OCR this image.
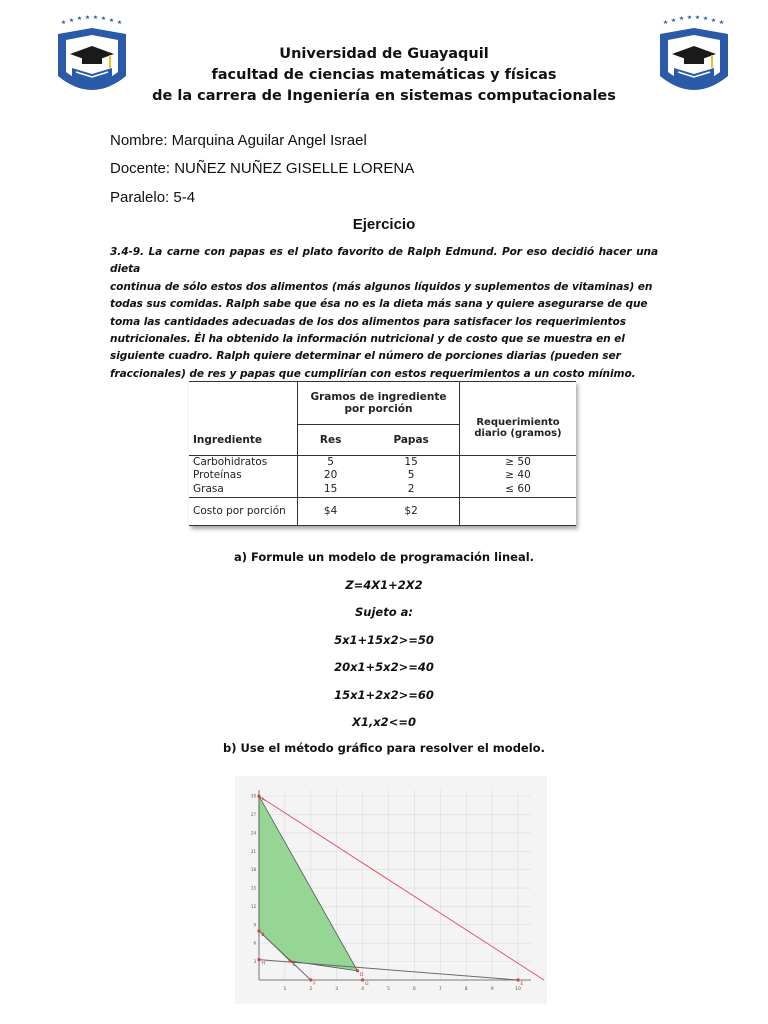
Universidad de Guayaquil
facultad de ciencias matemáticas y físicas
de la carrera de Ingeniería en sistemas computacionales
Nombre: Marquina Aguilar Angel Israel
Docente: NUÑEZ NUÑEZ GISELLE LORENA
Paralelo: 5-4
Ejercicio
3.4-9. La carne con papas es el plato favorito de Ralph Edmund. Por eso decidió hacer una dieta
continua de sólo estos dos alimentos (más algunos líquidos y suplementos de vitaminas) en
todas sus comidas. Ralph sabe que ésa no es la dieta más sana y quiere asegurarse de que
toma las cantidades adecuadas de los dos alimentos para satisfacer los requerimientos
nutricionales. Él ha obtenido la información nutricional y de costo que se muestra en el
siguiente cuadro. Ralph quiere determinar el número de porciones diarias (pueden ser
fraccionales) de res y papas que cumplirían con estos requerimientos a un costo mínimo.
	Gramos de ingrediente por porción		
Ingrediente	Res	Papas	Requerimiento diario (gramos)
Carbohidratos	5	15	≥ 50
Proteínas	20	5	≥ 40
Grasa	15	2	≤ 60
Costo por porción	$4	$2	
a) Formule un modelo de programación lineal.
Z=4X1+2X2
Sujeto a:
5x1+15x2>=50
20x1+5x2>=40
15x1+2x2>=60
X1,x2<=0
b) Use el método gráfico para resolver el modelo.
1	2	3	4	5	6	7	8	9	10
3
6
9
12
15
18
21
24
27
30
A
B
C
D
E
F	G
H
